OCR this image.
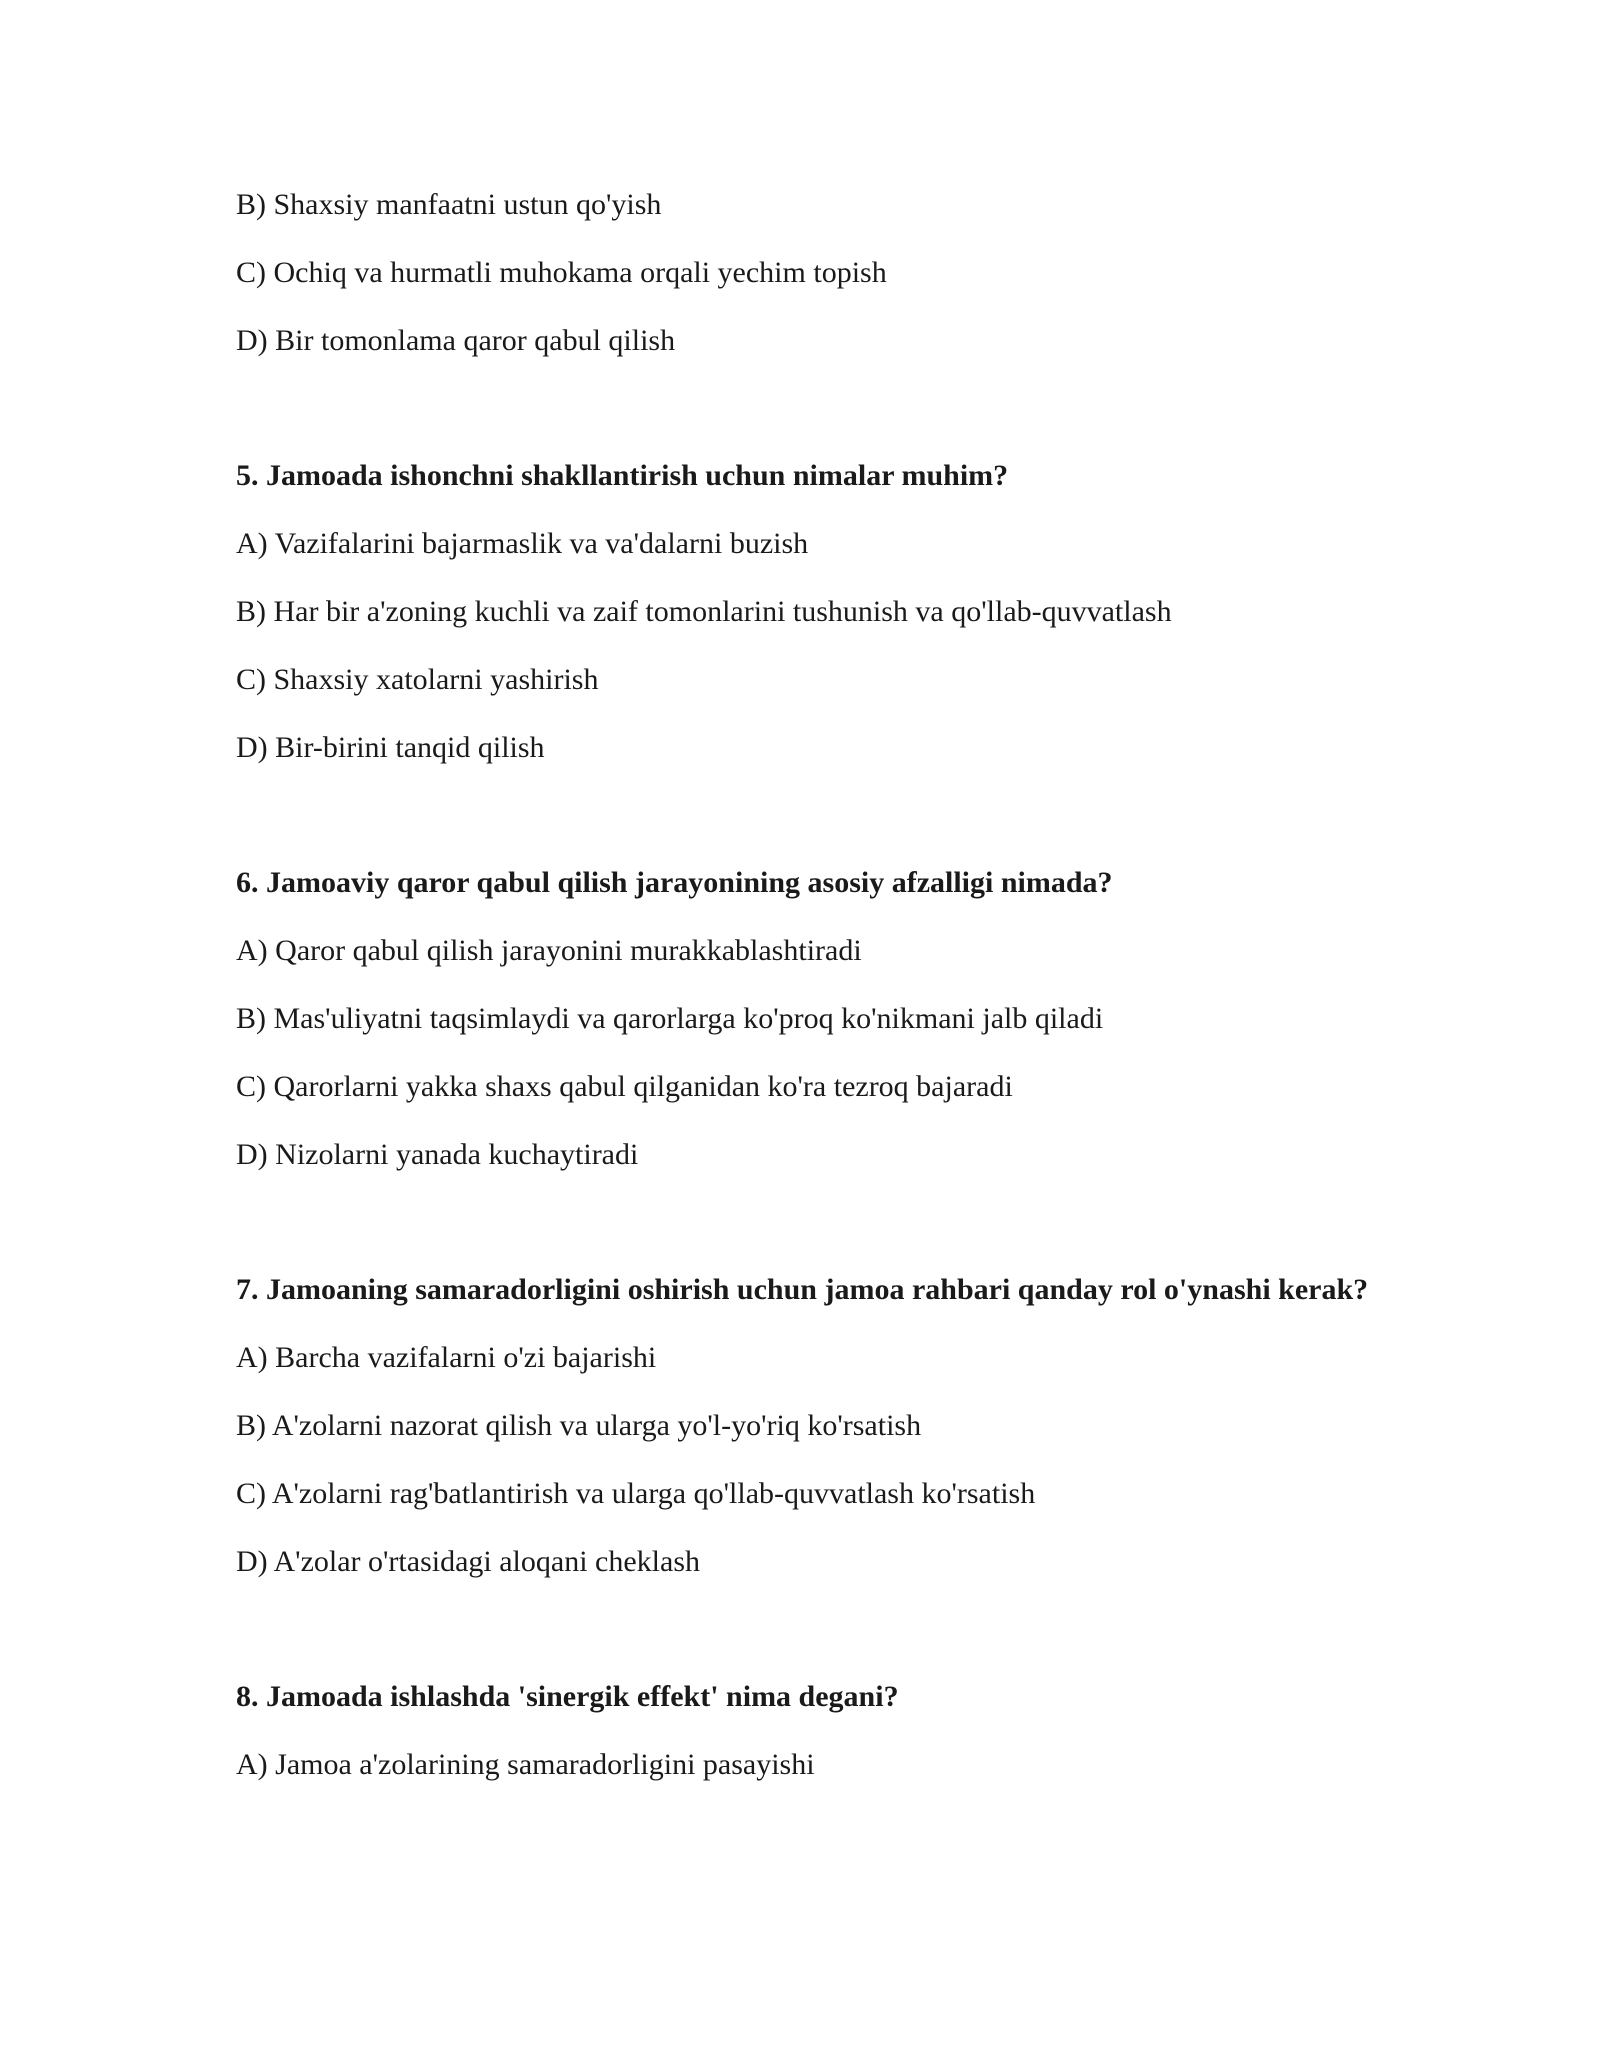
B) Shaxsiy manfaatni ustun qo'yish

C) Ochiq va hurmatli muhokama orqali yechim topish

D) Bir tomonlama qaror qabul qilish

5. Jamoada ishonchni shakllantirish uchun nimalar muhim?

A) Vazifalarini bajarmaslik va va'dalarni buzish

B) Har bir a'zoning kuchli va zaif tomonlarini tushunish va qo'llab-quvvatlash

C) Shaxsiy xatolarni yashirish

D) Bir-birini tanqid qilish

6. Jamoaviy qaror qabul qilish jarayonining asosiy afzalligi nimada?

A) Qaror qabul qilish jarayonini murakkablashtiradi

B) Mas'uliyatni taqsimlaydi va qarorlarga ko'proq ko'nikmani jalb qiladi

C) Qarorlarni yakka shaxs qabul qilganidan ko'ra tezroq bajaradi

D) Nizolarni yanada kuchaytiradi

7. Jamoaning samaradorligini oshirish uchun jamoa rahbari qanday rol o'ynashi kerak?

A) Barcha vazifalarni o'zi bajarishi

B) A'zolarni nazorat qilish va ularga yo'l-yo'riq ko'rsatish

C) A'zolarni rag'batlantirish va ularga qo'llab-quvvatlash ko'rsatish

D) A'zolar o'rtasidagi aloqani cheklash

8. Jamoada ishlashda 'sinergik effekt' nima degani?

A) Jamoa a'zolarining samaradorligini pasayishi
